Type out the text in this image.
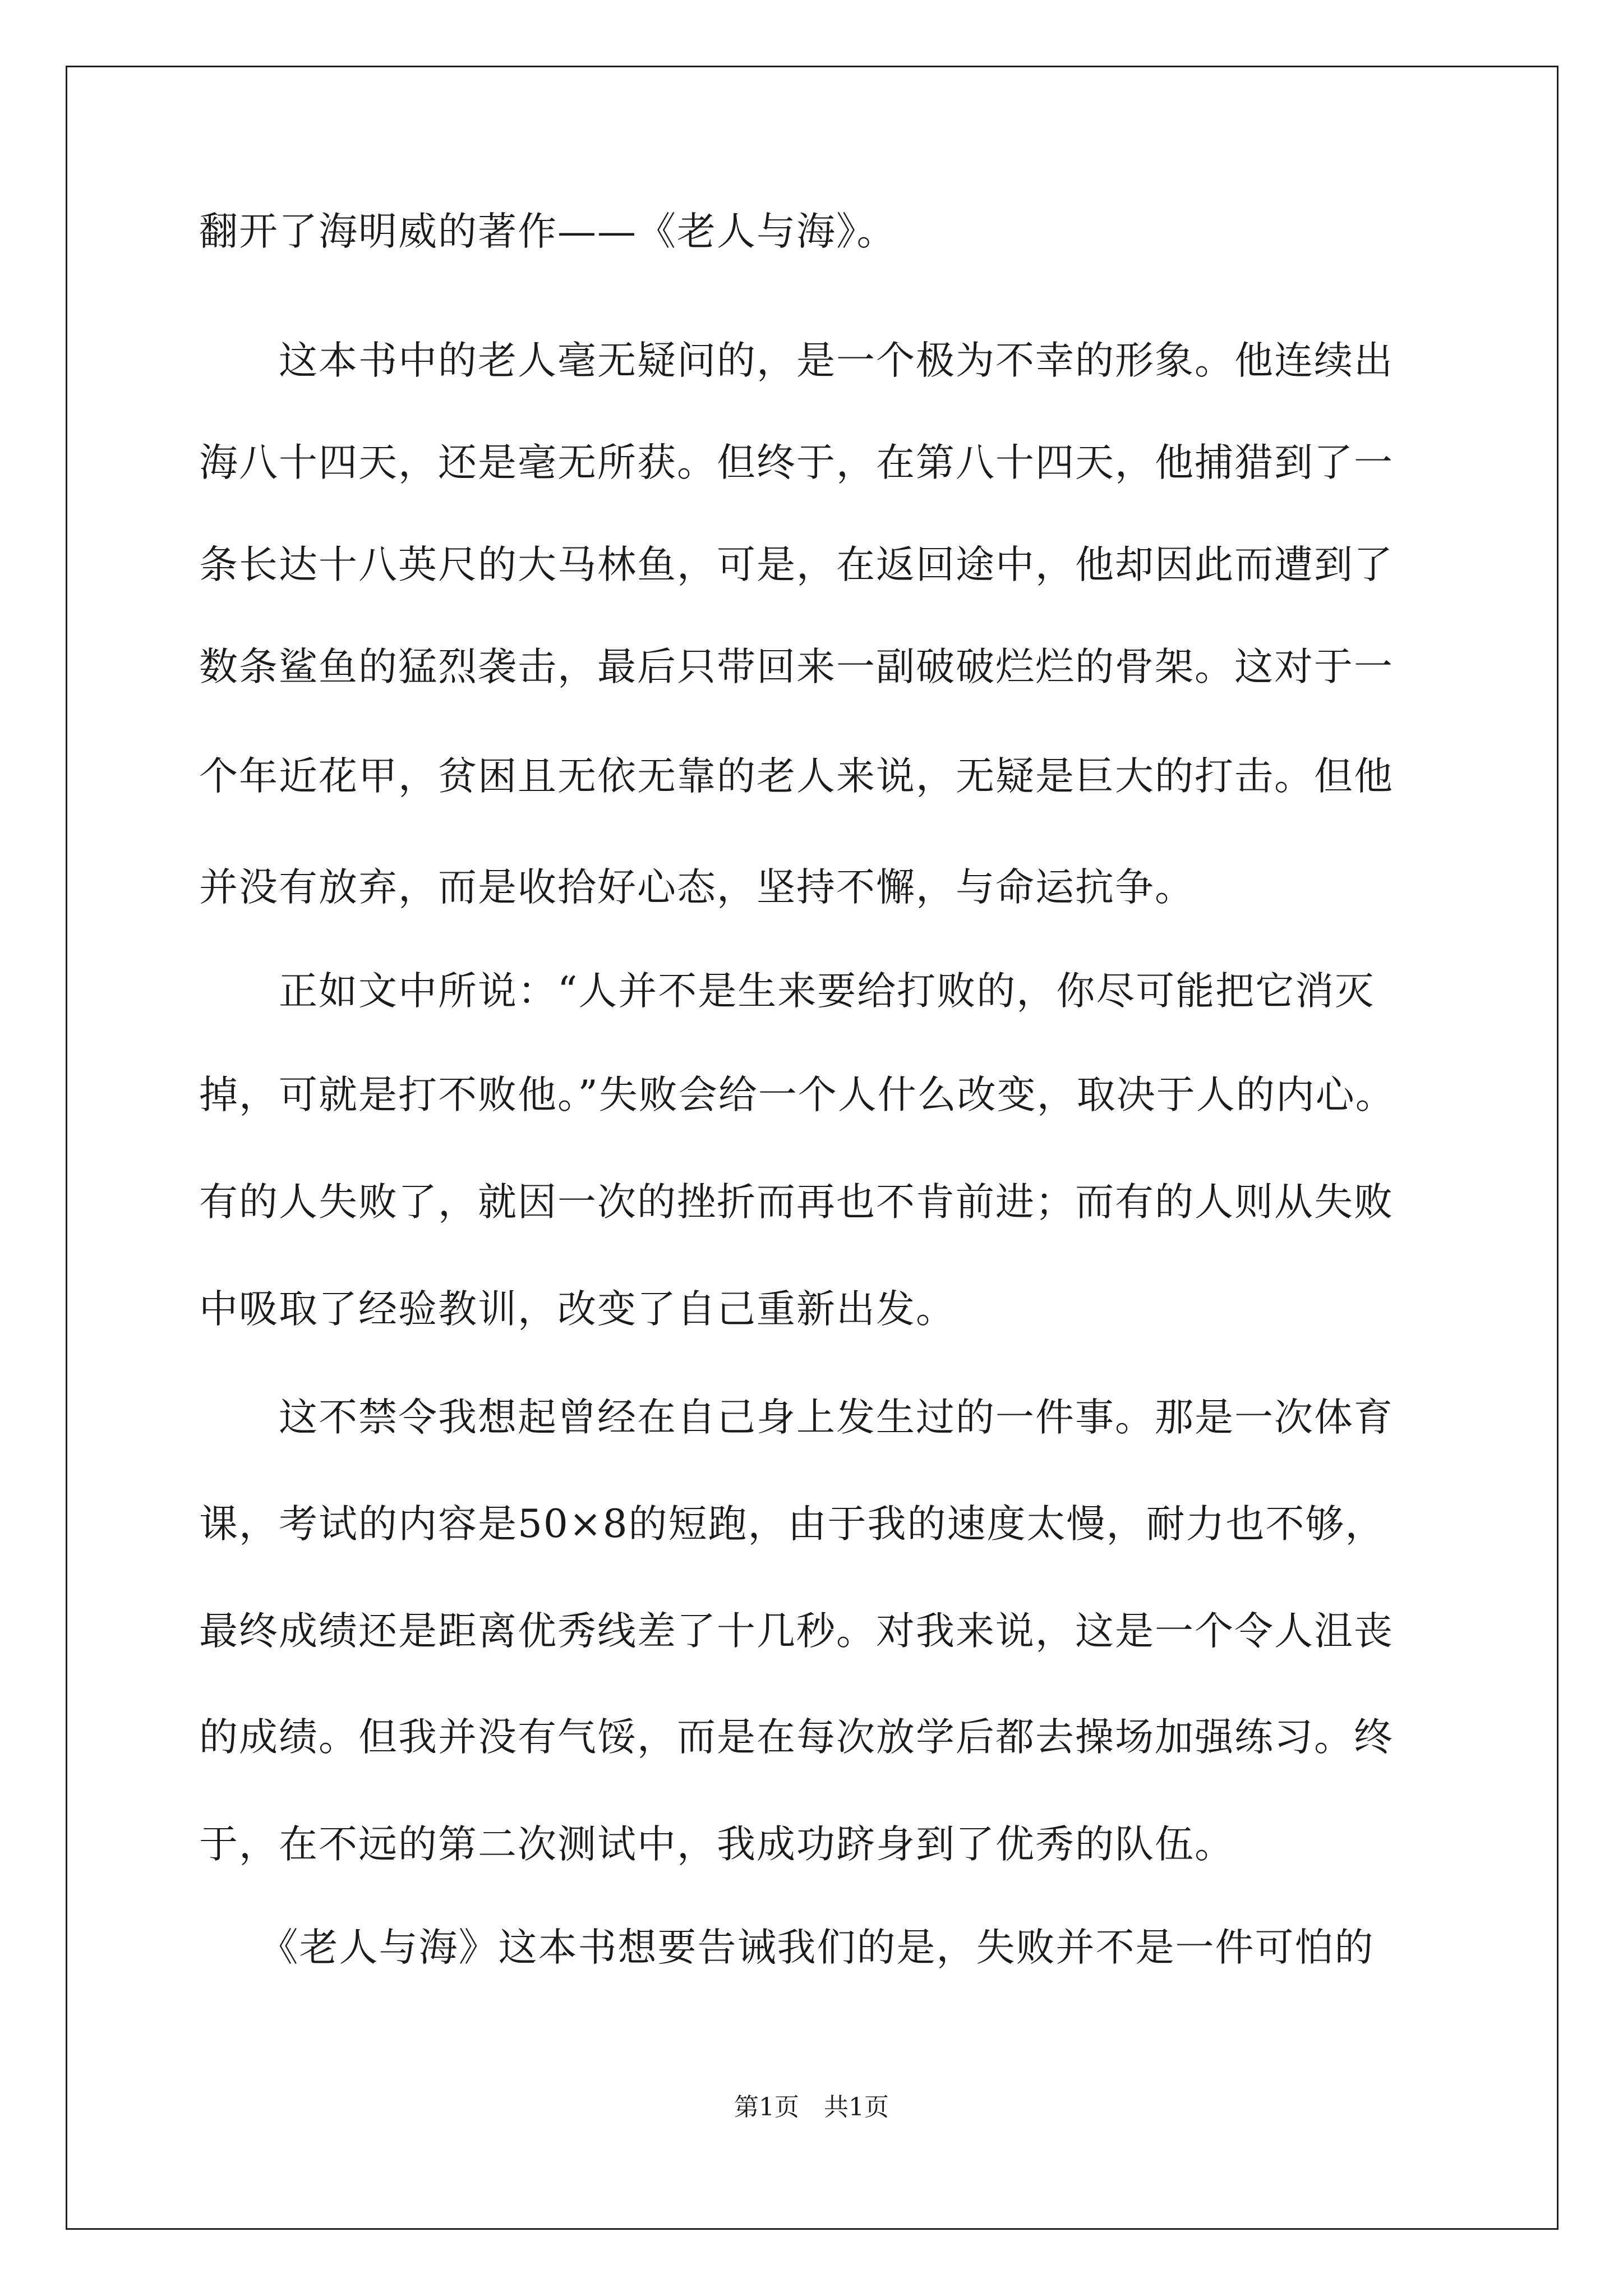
翻开了海明威的著作——《老人与海》。
　　这本书中的老人毫无疑问的，是一个极为不幸的形象。他连续出
海八十四天，还是毫无所获。但终于，在第八十四天，他捕猎到了一
条长达十八英尺的大马林鱼，可是，在返回途中，他却因此而遭到了
数条鲨鱼的猛烈袭击，最后只带回来一副破破烂烂的骨架。这对于一
个年近花甲，贫困且无依无靠的老人来说，无疑是巨大的打击。但他
并没有放弃，而是收拾好心态，坚持不懈，与命运抗争。
　　正如文中所说：“人并不是生来要给打败的，你尽可能把它消灭
掉，可就是打不败他。”失败会给一个人什么改变，取决于人的内心。
有的人失败了，就因一次的挫折而再也不肯前进；而有的人则从失败
中吸取了经验教训，改变了自己重新出发。
　　这不禁令我想起曾经在自己身上发生过的一件事。那是一次体育
课，考试的内容是50×8的短跑，由于我的速度太慢，耐力也不够，
最终成绩还是距离优秀线差了十几秒。对我来说，这是一个令人沮丧
的成绩。但我并没有气馁，而是在每次放学后都去操场加强练习。终
于，在不远的第二次测试中，我成功跻身到了优秀的队伍。
　　《老人与海》这本书想要告诫我们的是，失败并不是一件可怕的
第1页　共1页
